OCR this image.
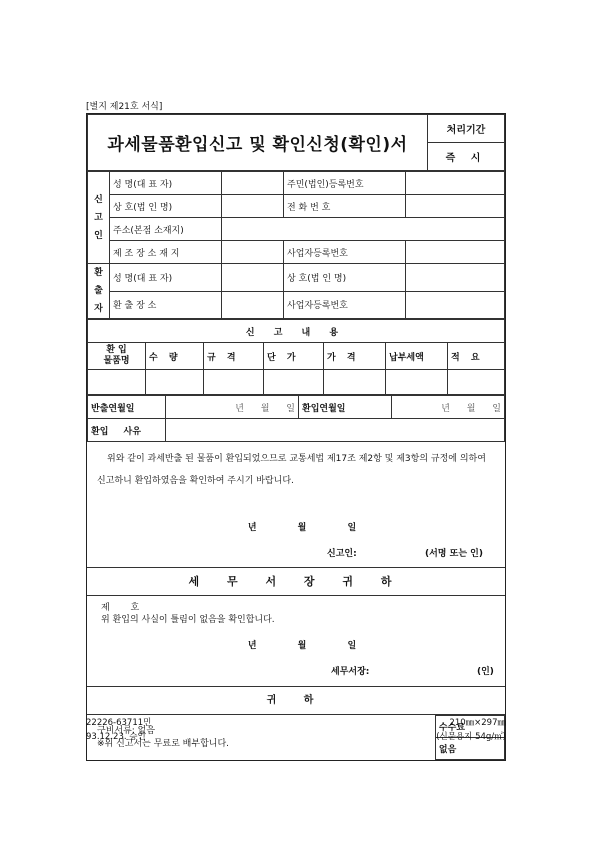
[별지 제21호 서식]
과세물품환입신고 및 확인신청(확인)서	처리기간
즉 시
신
고
인	성 명(대 표 자)		주민(법인)등록번호	
	상 호(법 인 명)		전 화 번 호	
	주소(본점 소재지)			
	제 조 장 소 재 지		사업자등록번호	
환
출
자	성 명(대 표 자)		상 호(법 인 명)	
	환 출 장 소		사업자등록번호	
신 고 내 용						
환 입
물품명	수 량	규 격	단 가	가 격	납부세액	적 요

반출연월일	년 월 일	환입연월일	년 월 일
환입 사유			
위와 같이 과세반출 된 물품이 환입되었으므로 교통세법 제17조 제2항 및 제3항의 규정에 의하여 신고하니 환입하였음을 확인하여 주시기 바랍니다.
년 월 일
신고인:	(서명 또는 인)
세 무 서 장 귀 하
제 호
위 환입의 사실이 틀림이 없음을 확인합니다.
년 월 일
세무서장:	(인)
귀 하
구비서류: 없음
※위 신고서는 무료로 배부합니다.
	수수료
없음
22226-63711민
93.12.23. 승인
210㎜×297㎜
(신문용지 54g/㎡)
